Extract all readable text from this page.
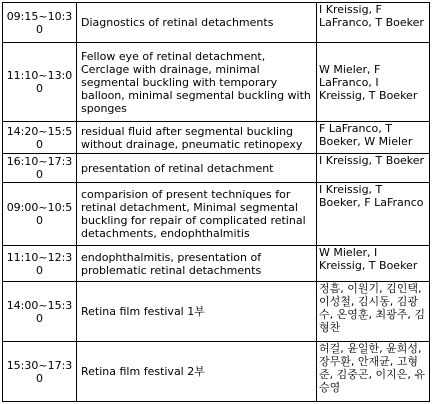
09:15~10:30	Diagnostics of retinal detachments	I Kreissig, F LaFranco, T Boeker
11:10~13:00	Fellow eye of retinal detachment, Cerclage with drainage, minimal segmental buckling with temporary balloon, minimal segmental buckling with sponges	W Mieler, F LaFranco, I Kreissig, T Boeker
14:20~15:50	residual fluid after segmental buckling without drainage, pneumatic retinopexy	F LaFranco, T Boeker, W Mieler
16:10~17:30	presentation of retinal detachment	I Kreissig, T Boeker
09:00~10:50	comparision of present techniques for retinal detachment, Minimal segmental buckling for repair of complicated retinal detachments, endophthalmitis	I Kreissig, T Boeker, F LaFranco
11:10~12:30	endophthalmitis, presentation of problematic retinal detachments	W Mieler, I Kreissig, T Boeker
14:00~15:30	Retina film festival 1부	정흠, 이원기, 김인택, 이성철, 김시동, 김광수, 온영훈, 최광주, 김형찬
15:30~17:30	Retina film festival 2부	허걸, 윤일한, 윤희성, 장무환, 안재균, 고형준, 김중곤, 이지은, 유승영
